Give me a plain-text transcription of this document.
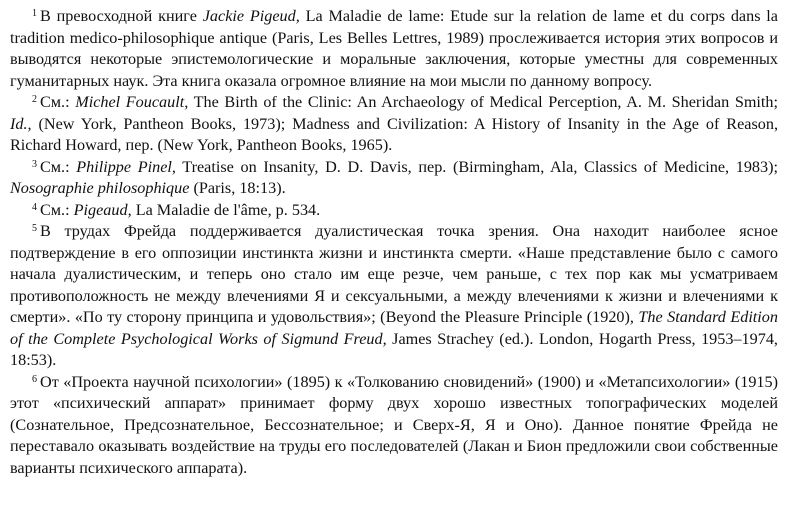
$^1$ В превосходной книге Jackie Pigeud, La Maladie de lame: Etude sur la relation de lame et du corps dans la tradition medico-philosophique antique (Paris, Les Belles Lettres, 1989) прослеживается история этих вопросов и выводятся некоторые эпистемологические и моральные заключения, которые уместны для современных гуманитарных наук. Эта книга оказала огромное влияние на мои мысли по данному вопросу.

$^2$ См.: Michel Foucault, The Birth of the Clinic: An Archaeology of Medical Perception, A. M. Sheridan Smith; Id., (New York, Pantheon Books, 1973); Madness and Civilization: A History of Insanity in the Age of Reason, Richard Howard, пер. (New York, Pantheon Books, 1965).

$^3$ См.: Philippe Pinel, Treatise on Insanity, D. D. Davis, пер. (Birmingham, Ala, Classics of Medicine, 1983); Nosographie philosophique (Paris, 18:13).

$^4$ См.: Pigeaud, La Maladie de l'âme, p. 534.

$^5$ В трудах Фрейда поддерживается дуалистическая точка зрения. Она находит наиболее ясное подтверждение в его оппозиции инстинкта жизни и инстинкта смерти. «Наше представление было с самого начала дуалистическим, и теперь оно стало им еще резче, чем раньше, с тех пор как мы усматриваем противоположность не между влечениями Я и сексуальными, а между влечениями к жизни и влечениями к смерти». «По ту сторону принципа и удовольствия»; (Beyond the Pleasure Principle (1920), The Standard Edition of the Complete Psychological Works of Sigmund Freud, James Strachey (ed.). London, Hogarth Press, 1953–1974, 18:53).

$^6$ От «Проекта научной психологии» (1895) к «Толкованию сновидений» (1900) и «Метапсихологии» (1915) этот «психический аппарат» принимает форму двух хорошо известных топографических моделей (Сознательное, Предсознательное, Бессознательное; и Сверх-Я, Я и Оно). Данное понятие Фрейда не переставало оказывать воздействие на труды его последователей (Лакан и Бион предложили свои собственные варианты психического аппарата).
